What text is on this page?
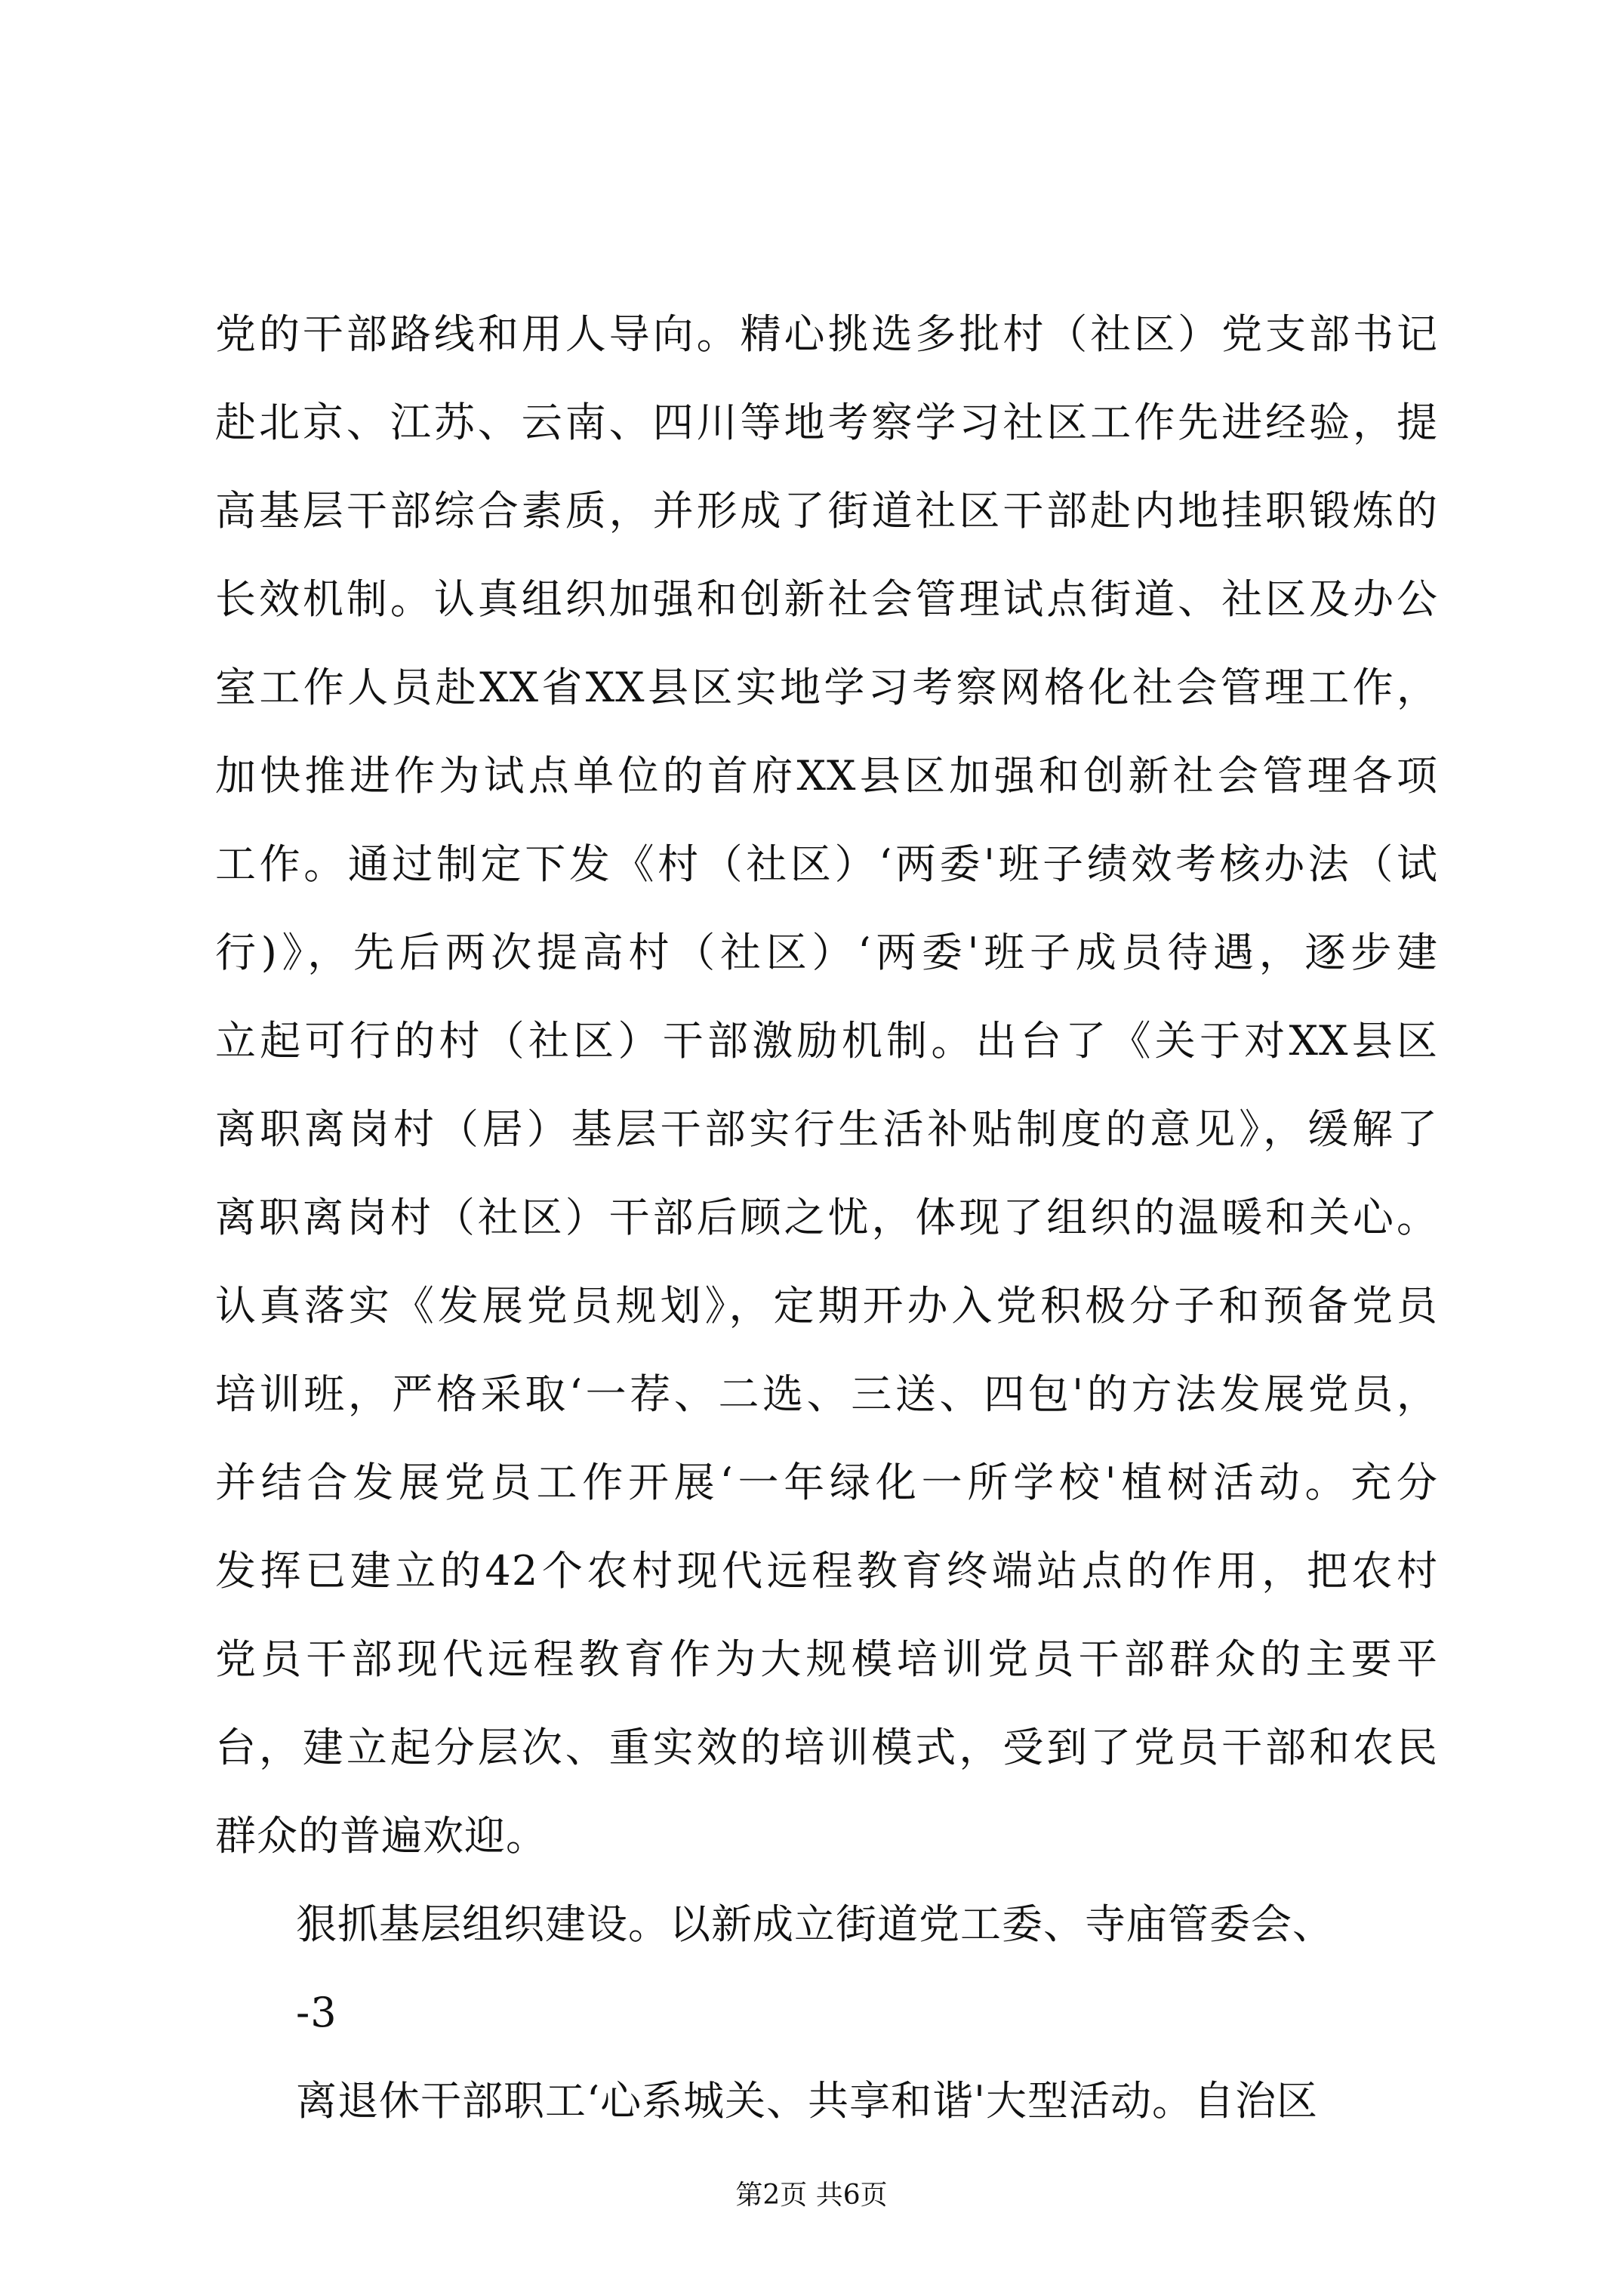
党的干部路线和用人导向。精心挑选多批村（社区）党支部书记
赴北京、江苏、云南、四川等地考察学习社区工作先进经验，提
高基层干部综合素质，并形成了街道社区干部赴内地挂职锻炼的
长效机制。认真组织加强和创新社会管理试点街道、社区及办公
室工作人员赴XX省XX县区实地学习考察网格化社会管理工作，
加快推进作为试点单位的首府XX县区加强和创新社会管理各项
工作。通过制定下发《村（社区）‘两委'班子绩效考核办法（试
行)》，先后两次提高村（社区）‘两委'班子成员待遇，逐步建
立起可行的村（社区）干部激励机制。出台了《关于对XX县区
离职离岗村（居）基层干部实行生活补贴制度的意见》，缓解了
离职离岗村（社区）干部后顾之忧，体现了组织的温暖和关心。
认真落实《发展党员规划》，定期开办入党积极分子和预备党员
培训班，严格采取‘一荐、二选、三送、四包'的方法发展党员，
并结合发展党员工作开展‘一年绿化一所学校'植树活动。充分
发挥已建立的42个农村现代远程教育终端站点的作用，把农村
党员干部现代远程教育作为大规模培训党员干部群众的主要平
台，建立起分层次、重实效的培训模式，受到了党员干部和农民
群众的普遍欢迎。
狠抓基层组织建设。以新成立街道党工委、寺庙管委会、
-3
离退休干部职工‘心系城关、共享和谐'大型活动。自治区
第2页 共6页
